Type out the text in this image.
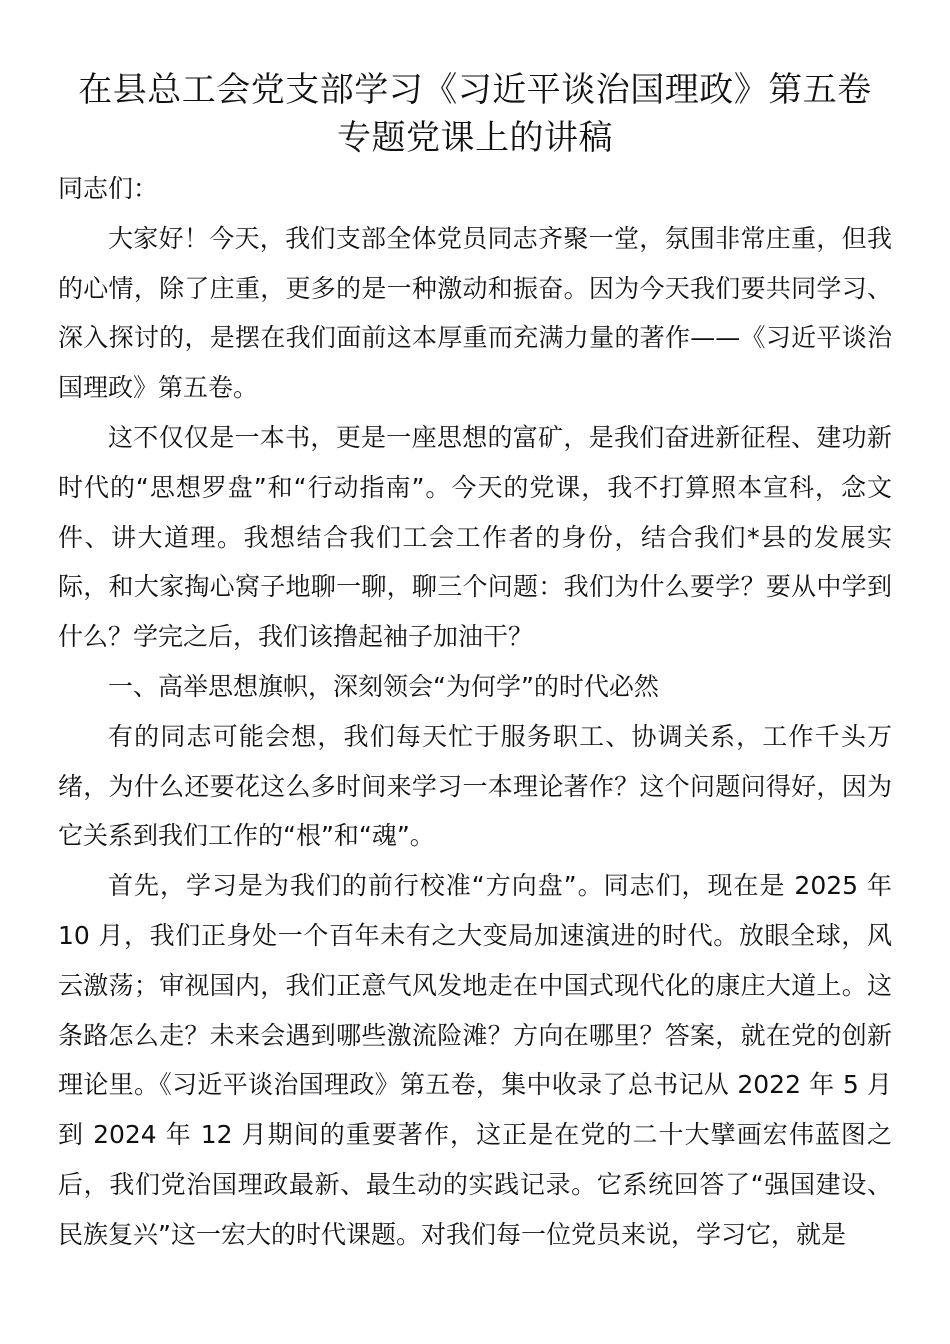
在县总工会党支部学习《习近平谈治国理政》第五卷
专题党课上的讲稿

同志们：

大家好！今天，我们支部全体党员同志齐聚一堂，氛围非常庄重，但我的心情，除了庄重，更多的是一种激动和振奋。因为今天我们要共同学习、深入探讨的，是摆在我们面前这本厚重而充满力量的著作——《习近平谈治国理政》第五卷。

这不仅仅是一本书，更是一座思想的富矿，是我们奋进新征程、建功新时代的“思想罗盘”和“行动指南”。今天的党课，我不打算照本宣科，念文件、讲大道理。我想结合我们工会工作者的身份，结合我们*县的发展实际，和大家掏心窝子地聊一聊，聊三个问题：我们为什么要学？要从中学到什么？学完之后，我们该撸起袖子加油干？

一、高举思想旗帜，深刻领会“为何学”的时代必然

有的同志可能会想，我们每天忙于服务职工、协调关系，工作千头万绪，为什么还要花这么多时间来学习一本理论著作？这个问题问得好，因为它关系到我们工作的“根”和“魂”。

首先，学习是为我们的前行校准“方向盘”。同志们，现在是 2025 年 10 月，我们正身处一个百年未有之大变局加速演进的时代。放眼全球，风云激荡；审视国内，我们正意气风发地走在中国式现代化的康庄大道上。这条路怎么走？未来会遇到哪些激流险滩？方向在哪里？答案，就在党的创新理论里。《习近平谈治国理政》第五卷，集中收录了总书记从 2022 年 5 月到 2024 年 12 月期间的重要著作，这正是在党的二十大擘画宏伟蓝图之后，我们党治国理政最新、最生动的实践记录。它系统回答了“强国建设、民族复兴”这一宏大的时代课题。对我们每一位党员来说，学习它，就是
